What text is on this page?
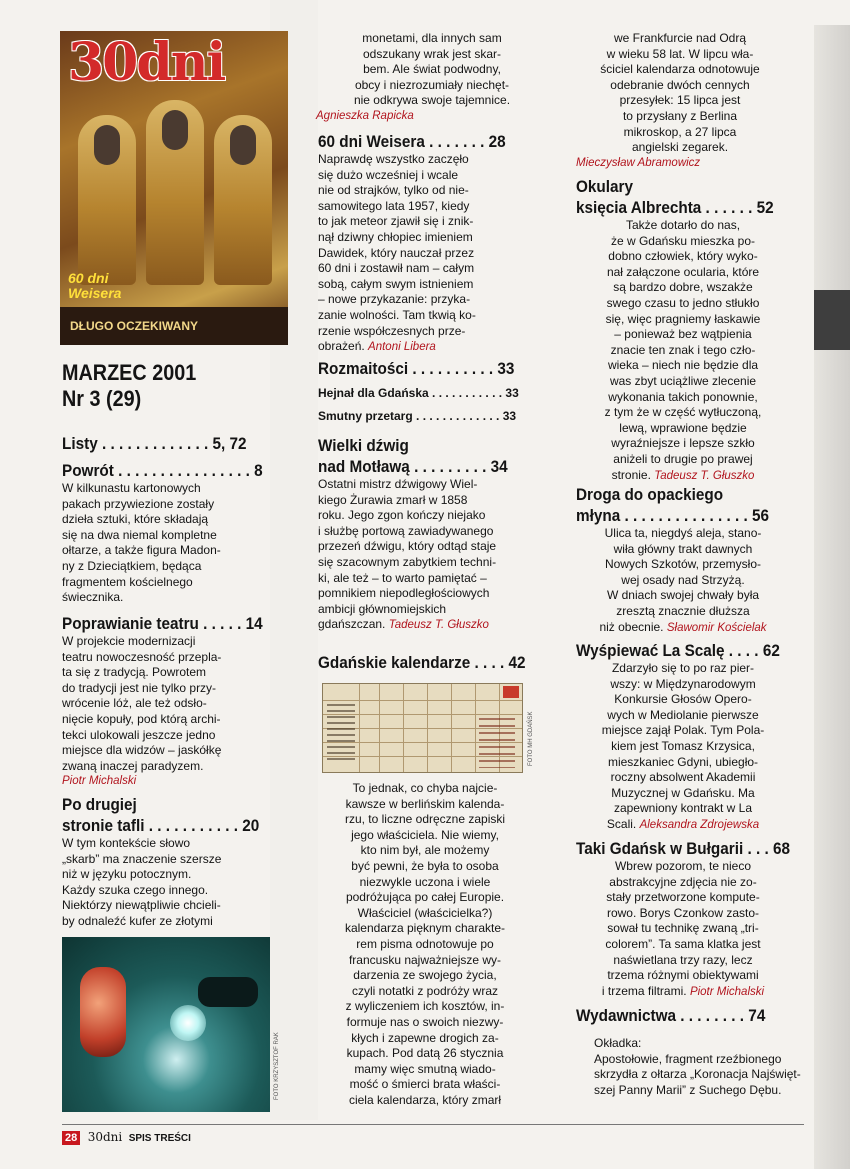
30dni
60 dni
Weisera
DŁUGO OCZEKIWANY
MARZEC 2001
Nr 3 (29)
Listy . . . . . . . . . . . . . 5, 72
Powrót . . . . . . . . . . . . . . . . 8
W kilkunastu kartonowych
pakach przywiezione zostały
dzieła sztuki, które składają
się na dwa niemal kompletne
ołtarze, a także figura Madon-
ny z Dzieciątkiem, będąca
fragmentem kościelnego
świecznika.
Poprawianie teatru . . . . . 14
W projekcie modernizacji
teatru nowoczesność przepla-
ta się z tradycją. Powrotem
do tradycji jest nie tylko przy-
wrócenie lóż, ale też odsło-
nięcie kopuły, pod którą archi-
tekci ulokowali jeszcze jedno
miejsce dla widzów – jaskółkę
zwaną inaczej paradyzem.
Piotr Michalski
Po drugiej
stronie tafli . . . . . . . . . . . 20
W tym kontekście słowo
„skarb” ma znaczenie szersze
niż w języku potocznym.
Każdy szuka czego innego.
Niektórzy niewątpliwie chcieli-
by odnaleźć kufer ze złotymi
FOTO KRZYSZTOF RAK
monetami, dla innych sam
odszukany wrak jest skar-
bem. Ale świat podwodny,
obcy i niezrozumiały niechęt-
nie odkrywa swoje tajemnice.
Agnieszka Rapicka
60 dni Weisera . . . . . . . 28
Naprawdę wszystko zaczęło
się dużo wcześniej i wcale
nie od strajków, tylko od nie-
samowitego lata 1957, kiedy
to jak meteor zjawił się i znik-
nął dziwny chłopiec imieniem
Dawidek, który nauczał przez
60 dni i zostawił nam – całym
sobą, całym swym istnieniem
– nowe przykazanie: przyka-
zanie wolności. Tam tkwią ko-
rzenie współczesnych prze-
obrażeń. Antoni Libera
Rozmaitości . . . . . . . . . . 33
Hejnał dla Gdańska . . . . . . . . . . . 33
Smutny przetarg . . . . . . . . . . . . . 33
Wielki dźwig
nad Motławą . . . . . . . . . 34
Ostatni mistrz dźwigowy Wiel-
kiego Żurawia zmarł w 1858
roku. Jego zgon kończy niejako
i służbę portową zawiadywanego
przezeń dźwigu, który odtąd staje
się szacownym zabytkiem techni-
ki, ale też – to warto pamiętać –
pomnikiem niepodległościowych
ambicji głównomiejskich
gdańszczan. Tadeusz T. Głuszko
Gdańskie kalendarze . . . . 42
FOTO MH GDAŃSK
To jednak, co chyba najcie-
kawsze w berlińskim kalenda-
rzu, to liczne odręczne zapiski
jego właściciela. Nie wiemy,
kto nim był, ale możemy
być pewni, że była to osoba
niezwykle uczona i wiele
podróżująca po całej Europie.
Właściciel (właścicielka?)
kalendarza pięknym charakte-
rem pisma odnotowuje po
francusku najważniejsze wy-
darzenia ze swojego życia,
czyli notatki z podróży wraz
z wyliczeniem ich kosztów, in-
formuje nas o swoich niezwy-
kłych i zapewne drogich za-
kupach. Pod datą 26 stycznia
mamy więc smutną wiado-
mość o śmierci brata właści-
ciela kalendarza, który zmarł
we Frankfurcie nad Odrą
w wieku 58 lat. W lipcu wła-
ściciel kalendarza odnotowuje
odebranie dwóch cennych
przesyłek: 15 lipca jest
to przysłany z Berlina
mikroskop, a 27 lipca
angielski zegarek.
Mieczysław Abramowicz
Okulary
księcia Albrechta . . . . . . 52
Także dotarło do nas,
że w Gdańsku mieszka po-
dobno człowiek, który wyko-
nał załączone ocularia, które
są bardzo dobre, wszakże
swego czasu to jedno stłukło
się, więc pragniemy łaskawie
– ponieważ bez wątpienia
znacie ten znak i tego czło-
wieka – niech nie będzie dla
was zbyt uciążliwe zlecenie
wykonania takich ponownie,
z tym że w część wytłuczoną,
lewą, wprawione będzie
wyraźniejsze i lepsze szkło
aniżeli to drugie po prawej
stronie. Tadeusz T. Głuszko
Droga do opackiego
młyna . . . . . . . . . . . . . . . 56
Ulica ta, niegdyś aleja, stano-
wiła główny trakt dawnych
Nowych Szkotów, przemysło-
wej osady nad Strzyżą.
W dniach swojej chwały była
zresztą znacznie dłuższa
niż obecnie. Sławomir Kościelak
Wyśpiewać La Scalę . . . . 62
Zdarzyło się to po raz pier-
wszy: w Międzynarodowym
Konkursie Głosów Opero-
wych w Mediolanie pierwsze
miejsce zajął Polak. Tym Pola-
kiem jest Tomasz Krzysica,
mieszkaniec Gdyni, ubiegło-
roczny absolwent Akademii
Muzycznej w Gdańsku. Ma
zapewniony kontrakt w La
Scali. Aleksandra Zdrojewska
Taki Gdańsk w Bułgarii . . . 68
Wbrew pozorom, te nieco
abstrakcyjne zdjęcia nie zo-
stały przetworzone kompute-
rowo. Borys Czonkow zasto-
sował tu technikę zwaną „tri-
colorem”. Ta sama klatka jest
naświetlana trzy razy, lecz
trzema różnymi obiektywami
i trzema filtrami. Piotr Michalski
Wydawnictwa . . . . . . . . 74
Okładka:
Apostołowie, fragment rzeźbionego
skrzydła z ołtarza „Koronacja Najświęt-
szej Panny Marii” z Suchego Dębu.
28 30dni SPIS TREŚCI
